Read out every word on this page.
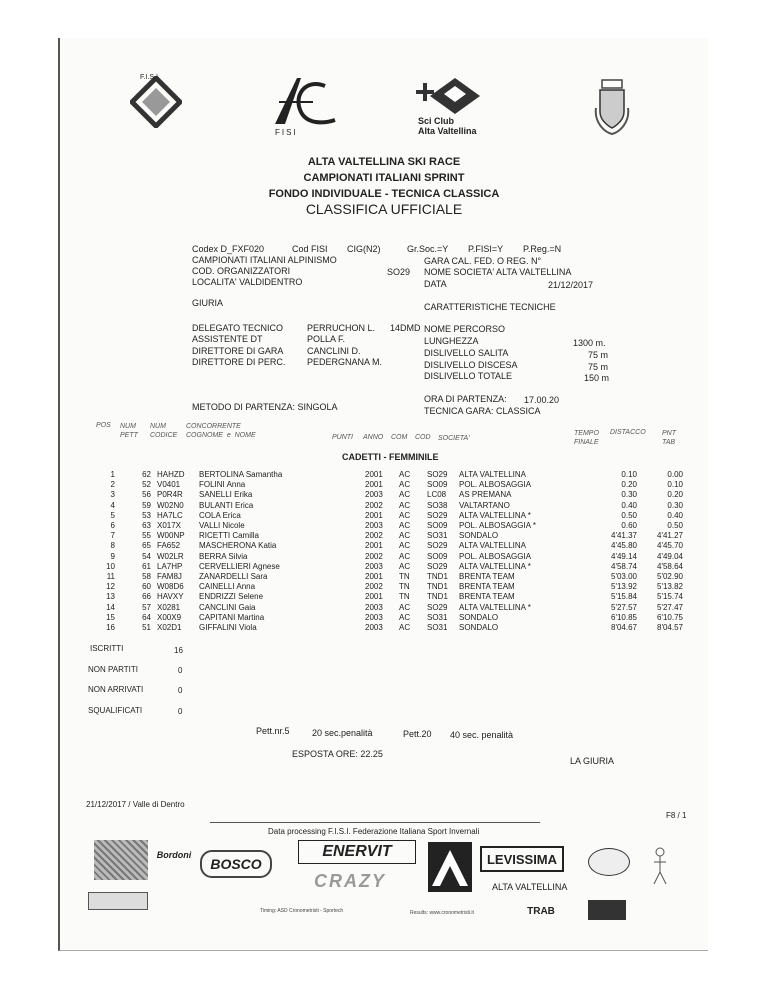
F.I.S.I.
FISI
Sci Club
Alta Valtellina
ALTA VALTELLINA SKI RACE
CAMPIONATI ITALIANI SPRINT
FONDO INDIVIDUALE - TECNICA CLASSICA
CLASSIFICA UFFICIALE
Codex D_FXF020	Cod FISI CIG(N2)	Gr.Soc.=Y P.FISI=Y P.Reg.=N
CAMPIONATI ITALIANI ALPINISMO	GARA CAL. FED. O REG. N°
COD. ORGANIZZATORI	SO29 NOME SOCIETA' ALTA VALTELLINA
LOCALITA' VALDIDENTRO	DATA	21/12/2017
GIURIA	CARATTERISTICHE TECNICHE
DELEGATO TECNICO	PERRUCHON L. 14DMD NOME PERCORSO
ASSISTENTE DT	POLLA F.	LUNGHEZZA	1300 m.
DIRETTORE DI GARA	CANCLINI D.	DISLIVELLO SALITA	75 m
DIRETTORE DI PERC. PEDERGNANA M.	DISLIVELLO DISCESA	75 m
DISLIVELLO TOTALE	150 m
ORA DI PARTENZA: 17.00.20
METODO DI PARTENZA: SINGOLA	TECNICA GARA: CLASSICA
POS NUM
PETT
NUM
CODICE
CONCORRENTE
COGNOME  e  NOME	PUNTI ANNO COM COD SOCIETA'
TEMPO
FINALE
DISTACCO PNT
TAB
CADETTI - FEMMINILE
1	62	HAHZD	BERTOLINA Samantha	2001	AC	SO29	ALTA VALTELLINA	0.10	0.00
2	52	V0401	FOLINI Anna	2001	AC	SO09	POL. ALBOSAGGIA	0.20	0.10
3	56	P0R4R	SANELLI Erika	2003	AC	LC08	AS PREMANA	0.30	0.20
4	59	W02N0	BULANTI Erica	2002	AC	SO38	VALTARTANO	0.40	0.30
5	53	HA7LC	COLA Erica	2001	AC	SO29	ALTA VALTELLINA *	0.50	0.40
6	63	X017X	VALLI Nicole	2003	AC	SO09	POL. ALBOSAGGIA *	0.60	0.50
7	55	W00NP	RICETTI Camilla	2002	AC	SO31	SONDALO	4'41.37	4'41.27
8	65	FA652	MASCHERONA Katia	2001	AC	SO29	ALTA VALTELLINA	4'45.80	4'45.70
9	54	W02LR	BERRA Silvia	2002	AC	SO09	POL. ALBOSAGGIA	4'49.14	4'49.04
10	61	LA7HP	CERVELLIERI Agnese	2003	AC	SO29	ALTA VALTELLINA *	4'58.74	4'58.64
11	58	FAM8J	ZANARDELLI Sara	2001	TN	TND1	BRENTA TEAM	5'03.00	5'02.90
12	60	W08D6	CAINELLI Anna	2002	TN	TND1	BRENTA TEAM	5'13.92	5'13.82
13	66	HAVXY	ENDRIZZI Selene	2001	TN	TND1	BRENTA TEAM	5'15.84	5'15.74
14	57	X0281	CANCLINI Gaia	2003	AC	SO29	ALTA VALTELLINA *	5'27.57	5'27.47
15	64	X00X9	CAPITANI Martina	2003	AC	SO31	SONDALO	6'10.85	6'10.75
16	51	X02D1	GIFFALINI Viola	2003	AC	SO31	SONDALO	8'04.67	8'04.57
ISCRITTI	16
NON PARTITI	0
NON ARRIVATI	0
SQUALIFICATI	0
Pett.nr.5 20 sec.penalità	Pett.20 40 sec. penalità
ESPOSTA ORE: 22.25
LA GIURIA
21/12/2017 / Valle di Dentro
F8 / 1
Data processing F.I.S.I. Federazione Italiana Sport Invernali
Bordoni
BOSCO
ENERVIT
CRAZY
LEVISSIMA
ALTA VALTELLINA
TRAB
Timing: ASD Cronometristi - Sportech	Results: www.cronometristi.it
